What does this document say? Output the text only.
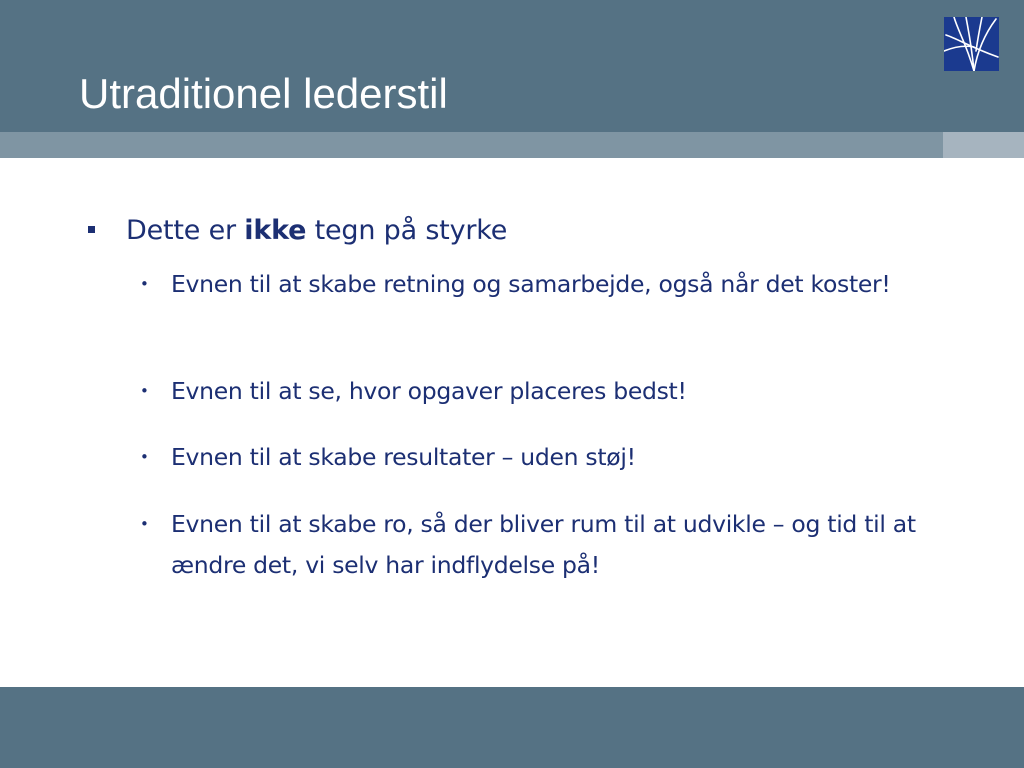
Utraditionel lederstil
Dette er ikke tegn på styrke
• Evnen til at skabe retning og samarbejde, også når det koster!
• Evnen til at se, hvor opgaver placeres bedst!
• Evnen til at skabe resultater – uden støj!
• Evnen til at skabe ro, så der bliver rum til at udvikle – og tid til at ændre det, vi selv har indflydelse på!
